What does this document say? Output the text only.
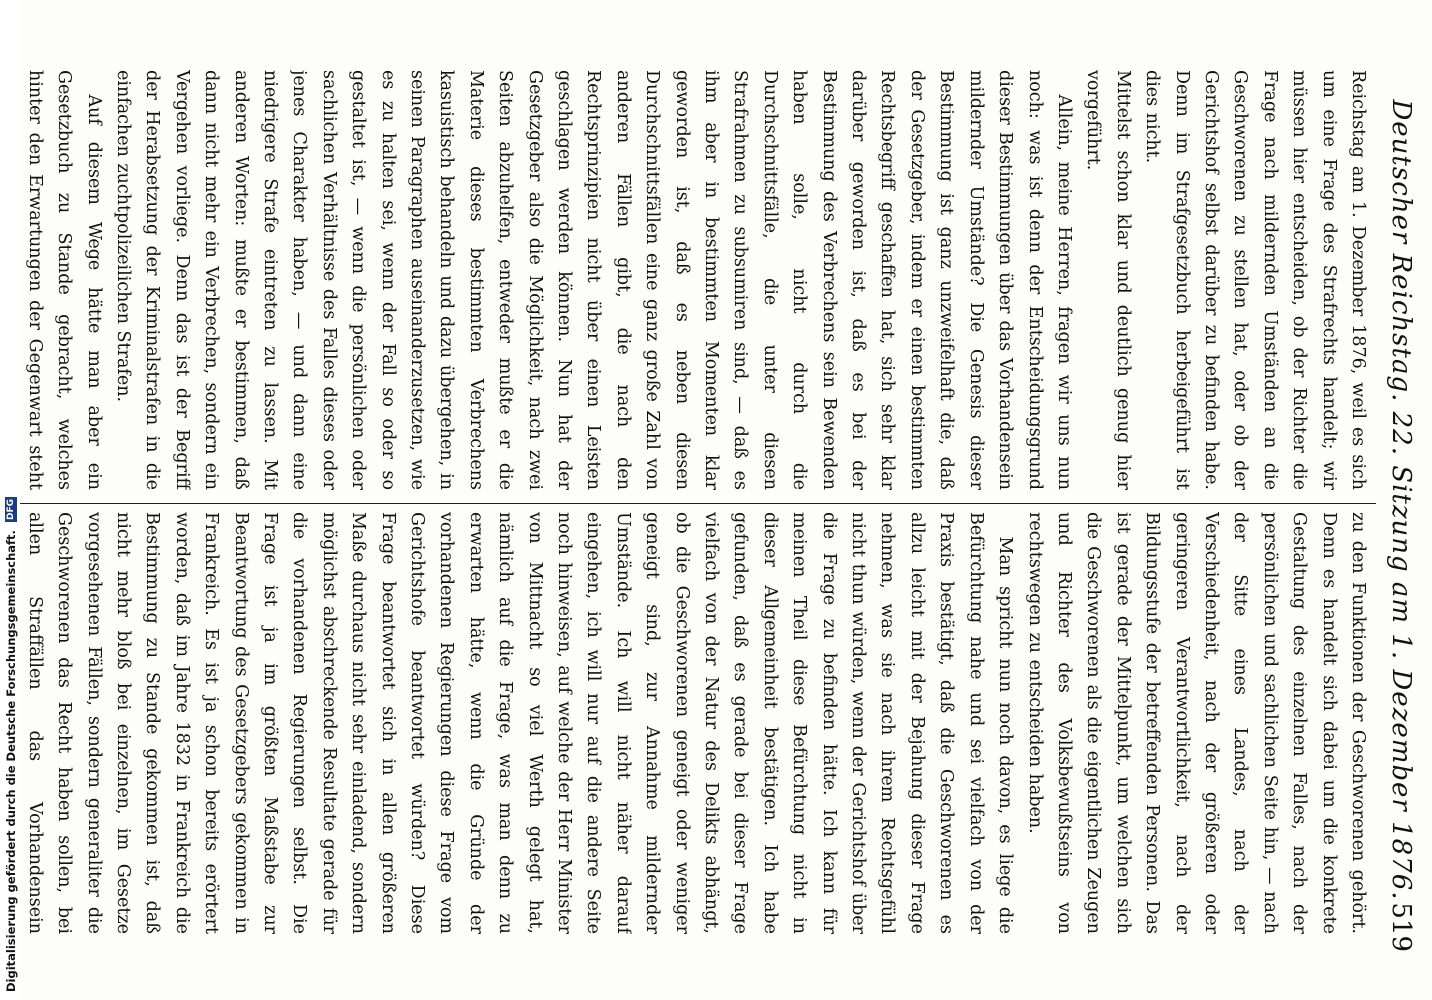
Deutscher Reichstag. 22. Sitzung am 1. Dezember 1876.
519

Reichstag am 1. Dezember 1876, weil es sich um eine Frage des Strafrechts handelt; wir müssen hier entscheiden, ob der Richter die Frage nach mildernden Umständen an die Geschworenen zu stellen hat, oder ob der Gerichtshof selbst darüber zu befinden habe. Denn im Strafgesetzbuch herbeigeführt ist dies nicht.

Mittelst schon klar und deutlich genug hier vorgeführt.

Allein, meine Herren, fragen wir uns nun noch: was ist denn der Entscheidungsgrund dieser Bestimmungen über das Vorhandensein mildernder Umstände? Die Genesis dieser Bestimmung ist ganz unzweifelhaft die, daß der Gesetzgeber, indem er einen bestimmten Rechtsbegriff geschaffen hat, sich sehr klar darüber geworden ist, daß es bei der Bestimmung des Verbrechens sein Bewenden haben solle, nicht durch die Durchschnittsfälle, die unter diesen Strafrahmen zu subsumiren sind, — daß es ihm aber in bestimmten Momenten klar geworden ist, daß es neben diesen Durchschnittsfällen eine ganz große Zahl von anderen Fällen gibt, die nach den Rechtsprinzipien nicht über einen Leisten geschlagen werden können. Nun hat der Gesetzgeber also die Möglichkeit, nach zwei Seiten abzuhelfen, entweder mußte er die Materie dieses bestimmten Verbrechens kasuistisch behandeln und dazu übergehen, in seinen Paragraphen auseinanderzusetzen, wie es zu halten sei, wenn der Fall so oder so gestaltet ist, — wenn die persönlichen oder sachlichen Verhältnisse des Falles dieses oder jenes Charakter haben, — und dann eine niedrigere Strafe eintreten zu lassen. Mit anderen Worten: mußte er bestimmen, daß dann nicht mehr ein Verbrechen, sondern ein Vergehen vorliege. Denn das ist der Begriff der Herabsetzung der Kriminalstrafen in die einfachen zuchtpolizeilichen Strafen.

Auf diesem Wege hätte man aber ein Gesetzbuch zu Stande gebracht, welches hinter den Erwartungen der Gegenwart steht

zu den Funktionen der Geschworenen gehört. Denn es handelt sich dabei um die konkrete Gestaltung des einzelnen Falles, nach der persönlichen und sachlichen Seite hin, — nach der Sitte eines Landes, nach der Verschiedenheit, nach der größeren oder geringeren Verantwortlichkeit, nach der Bildungsstufe der betreffenden Personen. Das ist gerade der Mittelpunkt, um welchen sich die Geschworenen als die eigentlichen Zeugen und Richter des Volksbewußtseins von rechtswegen zu entscheiden haben.

Man spricht nun noch davon, es liege die Befürchtung nahe und sei vielfach von der Praxis bestätigt, daß die Geschworenen es allzu leicht mit der Bejahung dieser Frage nehmen, was sie nach ihrem Rechtsgefühl nicht thun würden, wenn der Gerichtshof über die Frage zu befinden hätte. Ich kann für meinen Theil diese Befürchtung nicht in dieser Allgemeinheit bestätigen. Ich habe gefunden, daß es gerade bei dieser Frage vielfach von der Natur des Delikts abhängt, ob die Geschworenen geneigt oder weniger geneigt sind, zur Annahme mildernder Umstände. Ich will nicht näher darauf eingehen, ich will nur auf die andere Seite noch hinweisen, auf welche der Herr Minister von Mittnacht so viel Werth gelegt hat, nämlich auf die Frage, was man denn zu erwarten hätte, wenn die Gründe der vorhandenen Regierungen diese Frage vom Gerichtshofe beantwortet würden? Diese Frage beantwortet sich in allen größeren Maße durchaus nicht sehr einladend, sondern möglichst abschreckende Resultate gerade für die vorhandenen Regierungen selbst. Die Frage ist ja im größten Maßstabe zur Beantwortung des Gesetzgebers gekommen in Frankreich. Es ist ja schon bereits erörtert worden, daß im Jahre 1832 in Frankreich die Bestimmung zu Stande gekommen ist, daß nicht mehr bloß bei einzelnen, im Gesetze vorgesehenen Fällen, sondern generaliter die Geschworenen das Recht haben sollen, bei allen Straffällen das Vorhandensein

Digitalisierung gefördert durch die Deutsche Forschungsgemeinschaft. DFG
